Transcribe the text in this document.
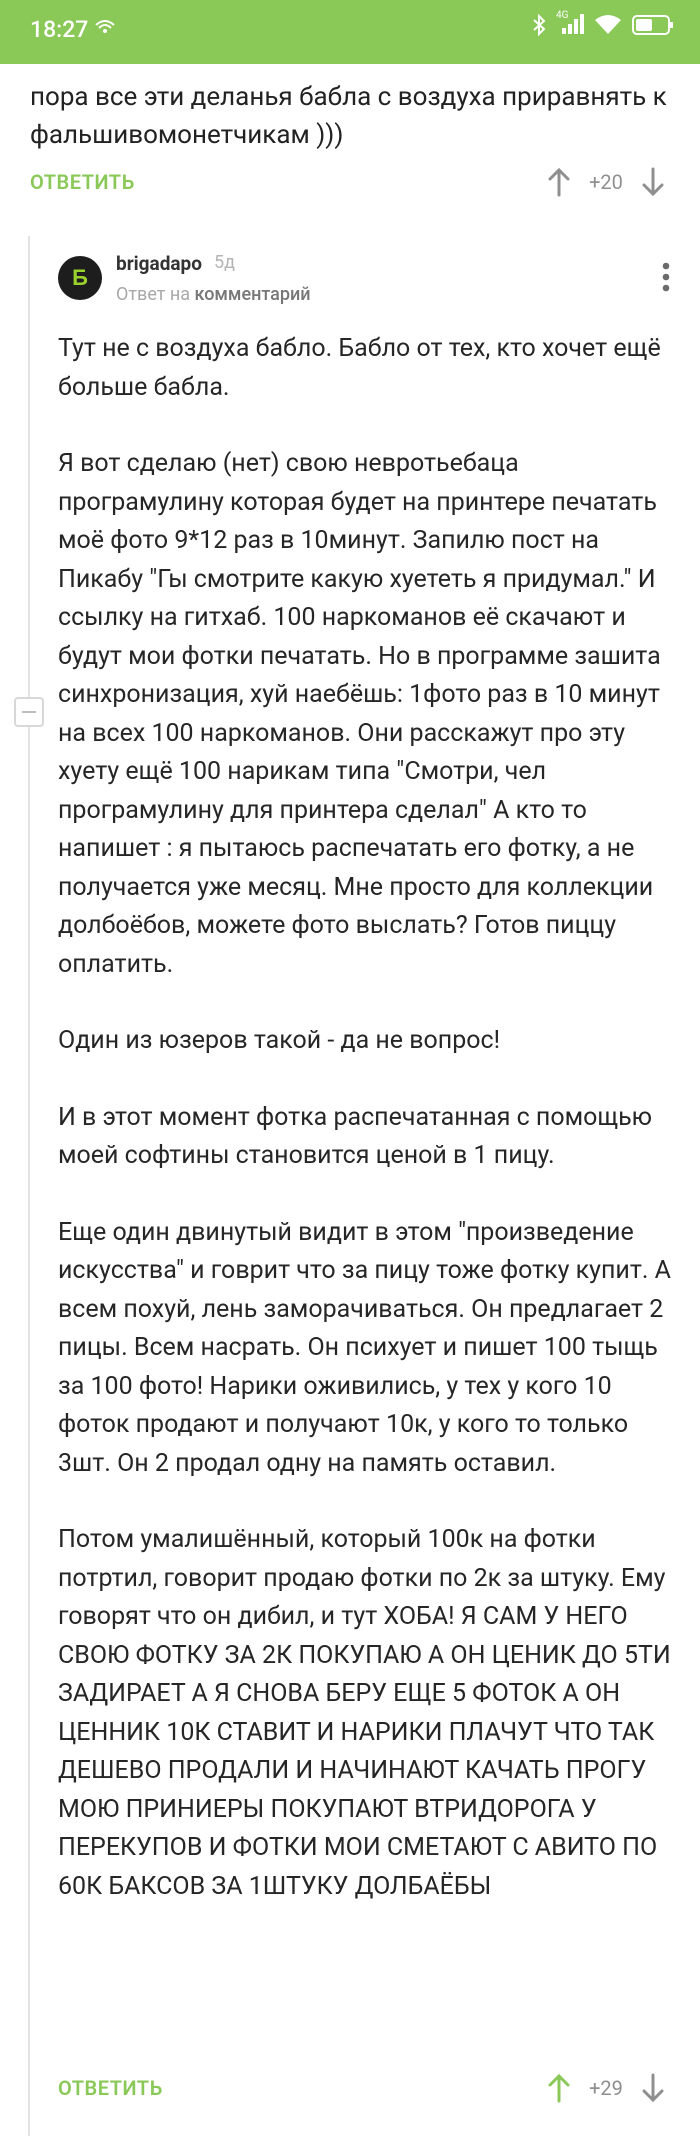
18:27
4G
пора все эти деланья бабла с воздуха приравнять к фальшивомонетчикам )))
ОТВЕТИТЬ	+20
Б
brigadapo 5д
Ответ на комментарий

Тут не с воздуха бабло. Бабло от тех, кто хочет ещё больше бабла.

Я вот сделаю (нет) свою невротьебаца програмулину которая будет на принтере печатать моё фото 9*12 раз в 10минут. Запилю пост на Пикабу "Гы смотрите какую хуететь я придумал." И ссылку на гитхаб. 100 наркоманов её скачают и будут мои фотки печатать. Но в программе зашита синхронизация, хуй наебёшь: 1фото раз в 10 минут на всех 100 наркоманов. Они расскажут про эту хуету ещё 100 нарикам типа "Смотри, чел програмулину для принтера сделал" А кто то напишет : я пытаюсь распечатать его фотку, а не получается уже месяц. Мне просто для коллекции долбоёбов, можете фото выслать? Готов пиццу оплатить.

Один из юзеров такой - да не вопрос!

И в этот момент фотка распечатанная с помощью моей софтины становится ценой в 1 пицу.

Еще один двинутый видит в этом "произведение искусства" и говрит что за пицу тоже фотку купит. А всем похуй, лень заморачиваться. Он предлагает 2 пицы. Всем насрать. Он психует и пишет 100 тыщь за 100 фото! Нарики оживились, у тех у кого 10 фоток продают и получают 10к, у кого то только 3шт. Он 2 продал одну на память оставил.

Потом умалишённый, который 100к на фотки потртил, говорит продаю фотки по 2к за штуку. Ему говорят что он дибил, и тут ХОБА! Я САМ У НЕГО СВОЮ ФОТКУ ЗА 2К ПОКУПАЮ А ОН ЦЕНИК ДО 5ТИ ЗАДИРАЕТ А Я СНОВА БЕРУ ЕЩЕ 5 ФОТОК А ОН ЦЕННИК 10К СТАВИТ И НАРИКИ ПЛАЧУТ ЧТО ТАК ДЕШЕВО ПРОДАЛИ И НАЧИНАЮТ КАЧАТЬ ПРОГУ МОЮ ПРИНИЕРЫ ПОКУПАЮТ ВТРИДОРОГА У ПЕРЕКУПОВ И ФОТКИ МОИ СМЕТАЮТ С АВИТО ПО 60К БАКСОВ ЗА 1ШТУКУ ДОЛБАЁБЫ

ОТВЕТИТЬ	+29
